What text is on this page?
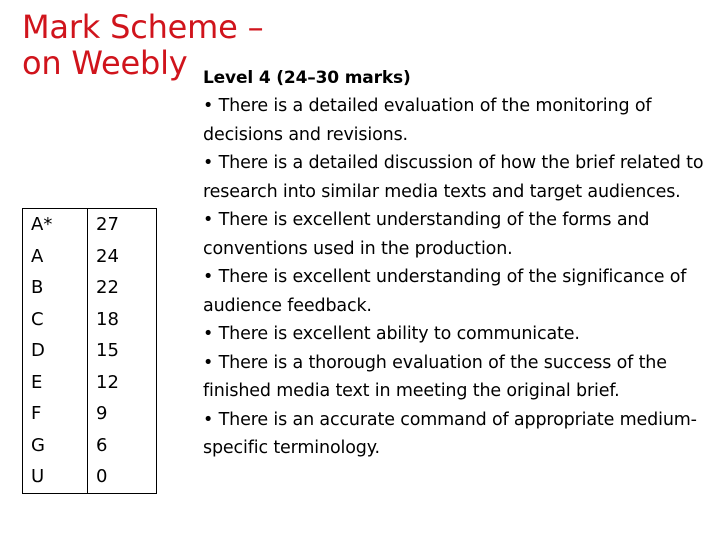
Mark Scheme –
on Weebly
A*	27
A	24
B	22
C	18
D	15
E	12
F	9
G	6
U	0
Level 4 (24–30 marks)
• There is a detailed evaluation of the monitoring of decisions and revisions.
• There is a detailed discussion of how the brief related to research into similar media texts and target audiences.
• There is excellent understanding of the forms and conventions used in the production.
• There is excellent understanding of the significance of audience feedback.
• There is excellent ability to communicate.
• There is a thorough evaluation of the success of the finished media text in meeting the original brief.
• There is an accurate command of appropriate medium-specific terminology.
